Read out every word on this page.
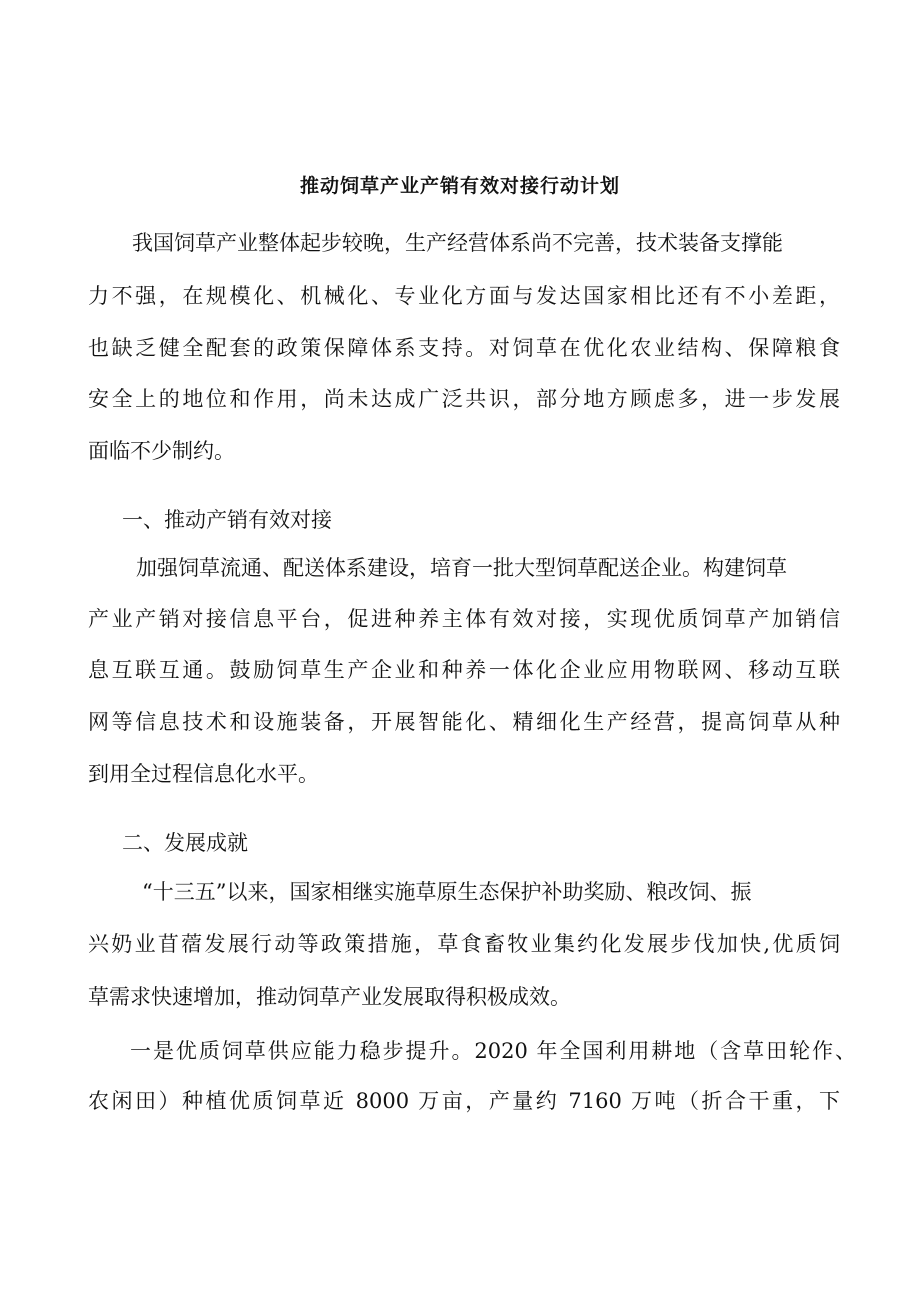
推动饲草产业产销有效对接行动计划

我国饲草产业整体起步较晚，生产经营体系尚不完善，技术装备支撑能

力不强，在规模化、机械化、专业化方面与发达国家相比还有不小差距，

也缺乏健全配套的政策保障体系支持。对饲草在优化农业结构、保障粮食

安全上的地位和作用，尚未达成广泛共识，部分地方顾虑多，进一步发展

面临不少制约。

一、推动产销有效对接

加强饲草流通、配送体系建设，培育一批大型饲草配送企业。构建饲草

产业产销对接信息平台，促进种养主体有效对接，实现优质饲草产加销信

息互联互通。鼓励饲草生产企业和种养一体化企业应用物联网、移动互联

网等信息技术和设施装备，开展智能化、精细化生产经营，提高饲草从种

到用全过程信息化水平。

二、发展成就

“十三五”以来，国家相继实施草原生态保护补助奖励、粮改饲、振

兴奶业苜蓿发展行动等政策措施，草食畜牧业集约化发展步伐加快,优质饲

草需求快速增加，推动饲草产业发展取得积极成效。

一是优质饲草供应能力稳步提升。2020 年全国利用耕地（含草田轮作、

农闲田）种植优质饲草近 8000 万亩，产量约 7160 万吨（折合干重，下
